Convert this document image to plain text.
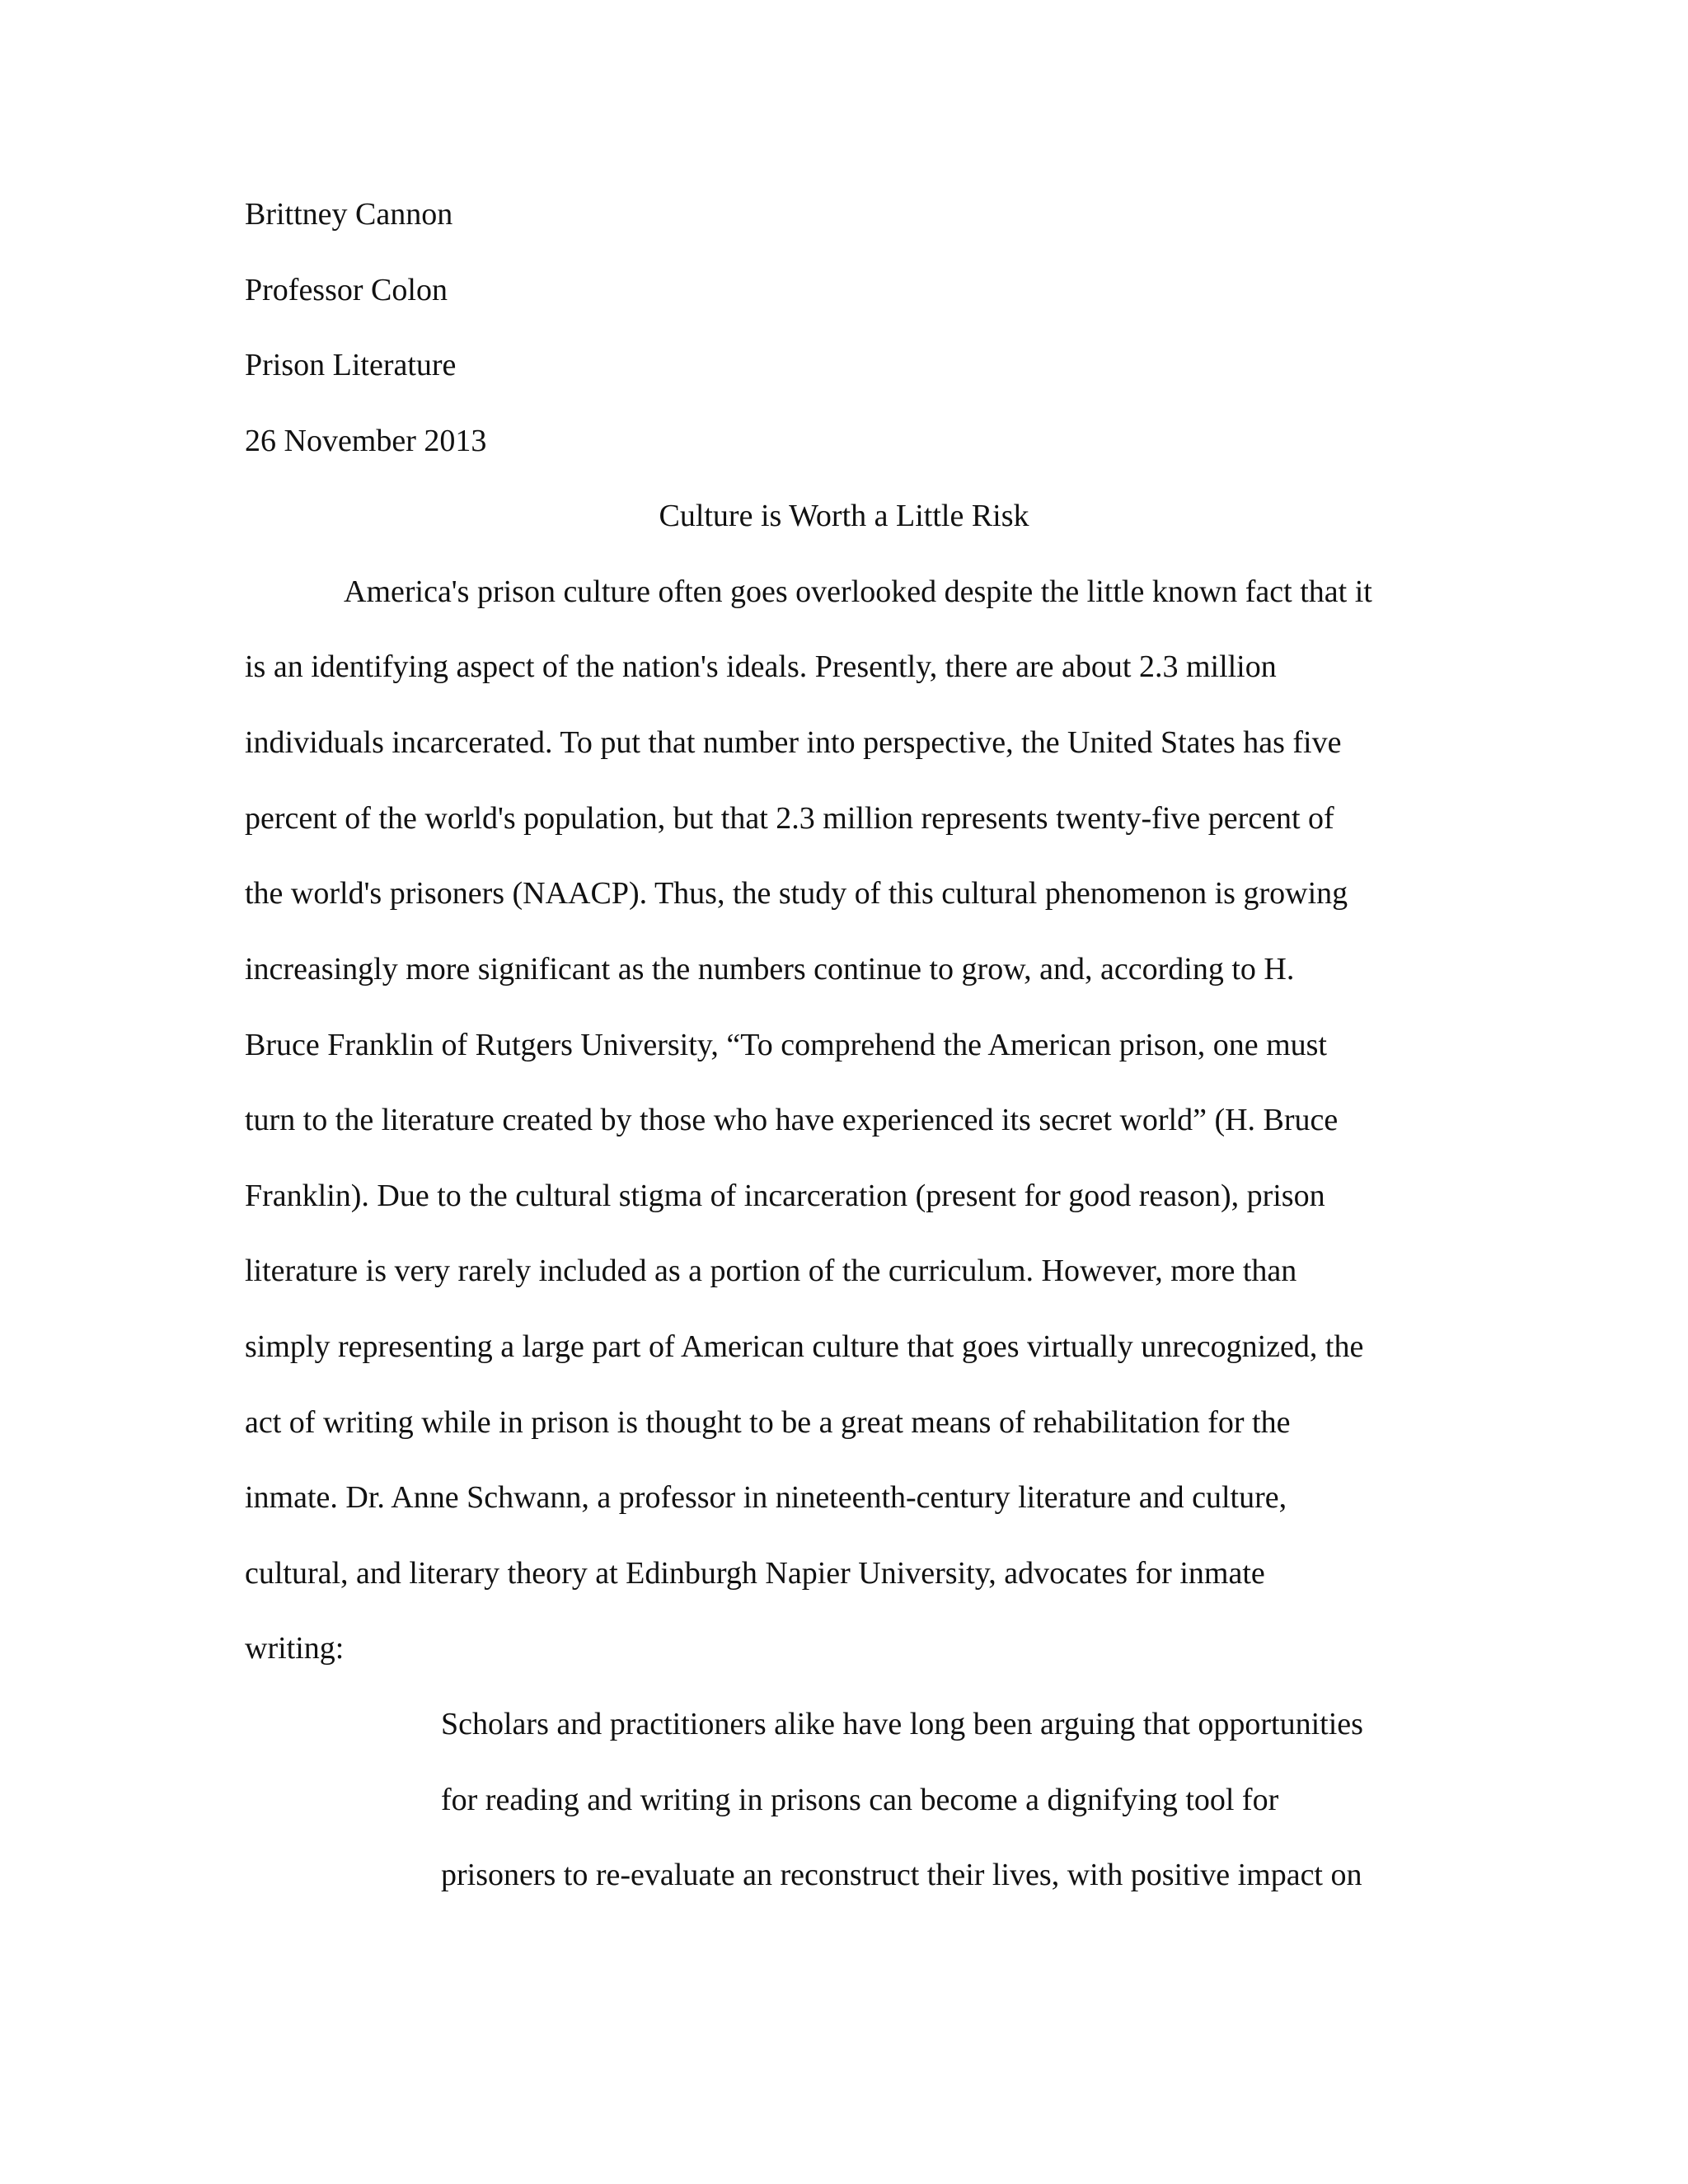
Brittney Cannon
Professor Colon
Prison Literature
26 November 2013
Culture is Worth a Little Risk
America's prison culture often goes overlooked despite the little known fact that it
is an identifying aspect of the nation's ideals. Presently, there are about 2.3 million
individuals incarcerated. To put that number into perspective, the United States has five
percent of the world's population, but that 2.3 million represents twenty-five percent of
the world's prisoners (NAACP). Thus, the study of this cultural phenomenon is growing
increasingly more significant as the numbers continue to grow, and, according to H.
Bruce Franklin of Rutgers University, “To comprehend the American prison, one must
turn to the literature created by those who have experienced its secret world” (H. Bruce
Franklin). Due to the cultural stigma of incarceration (present for good reason), prison
literature is very rarely included as a portion of the curriculum. However, more than
simply representing a large part of American culture that goes virtually unrecognized, the
act of writing while in prison is thought to be a great means of rehabilitation for the
inmate. Dr. Anne Schwann, a professor in nineteenth-century literature and culture,
cultural, and literary theory at Edinburgh Napier University, advocates for inmate
writing:
Scholars and practitioners alike have long been arguing that opportunities
for reading and writing in prisons can become a dignifying tool for
prisoners to re-evaluate an reconstruct their lives, with positive impact on
